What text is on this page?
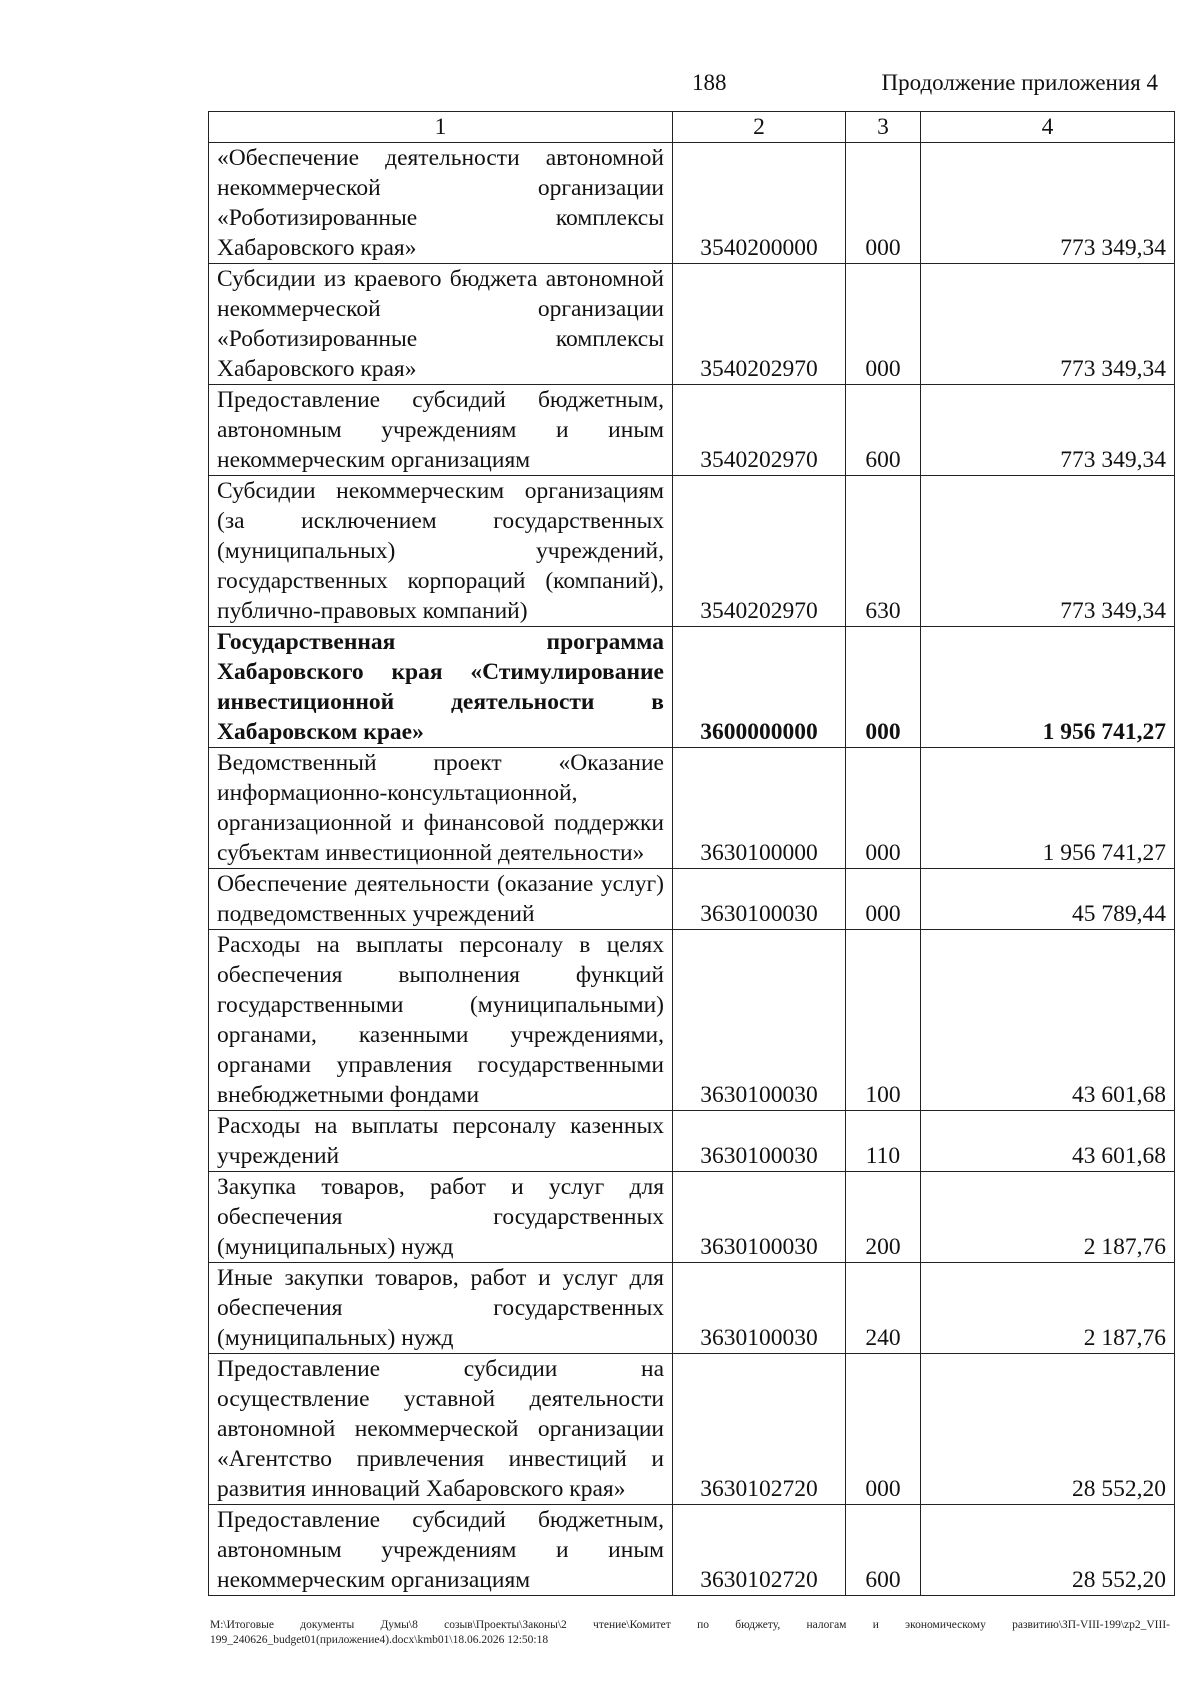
188	Продолжение приложения 4
1	2	3	4
«Обеспечение деятельности автономной некоммерческой организации «Роботизированные комплексы Хабаровского края»	3540200000	000	773 349,34
Субсидии из краевого бюджета автономной некоммерческой организации «Роботизированные комплексы Хабаровского края»	3540202970	000	773 349,34
Предоставление субсидий бюджетным, автономным учреждениям и иным некоммерческим организациям	3540202970	600	773 349,34
Субсидии некоммерческим организациям (за исключением государственных (муниципальных) учреждений, государственных корпораций (компаний), публично-правовых компаний)	3540202970	630	773 349,34
Государственная программа Хабаровского края «Стимулирование инвестиционной деятельности в Хабаровском крае»	3600000000	000	1 956 741,27
Ведомственный проект «Оказание информационно-консультационной, организационной и финансовой поддержки субъектам инвестиционной деятельности»	3630100000	000	1 956 741,27
Обеспечение деятельности (оказание услуг) подведомственных учреждений	3630100030	000	45 789,44
Расходы на выплаты персоналу в целях обеспечения выполнения функций государственными (муниципальными) органами, казенными учреждениями, органами управления государственными внебюджетными фондами	3630100030	100	43 601,68
Расходы на выплаты персоналу казенных учреждений	3630100030	110	43 601,68
Закупка товаров, работ и услуг для обеспечения государственных (муниципальных) нужд	3630100030	200	2 187,76
Иные закупки товаров, работ и услуг для обеспечения государственных (муниципальных) нужд	3630100030	240	2 187,76
Предоставление субсидии на осуществление уставной деятельности автономной некоммерческой организации «Агентство привлечения инвестиций и развития инноваций Хабаровского края»	3630102720	000	28 552,20
Предоставление субсидий бюджетным, автономным учреждениям и иным некоммерческим организациям	3630102720	600	28 552,20
M:\Итоговые документы Думы\8 созыв\Проекты\Законы\2 чтение\Комитет по бюджету, налогам и экономическому развитию\ЗП-VIII-199\zp2_VIII-199_240626_budget01(приложение4).docx\kmb01\18.06.2026 12:50:18
